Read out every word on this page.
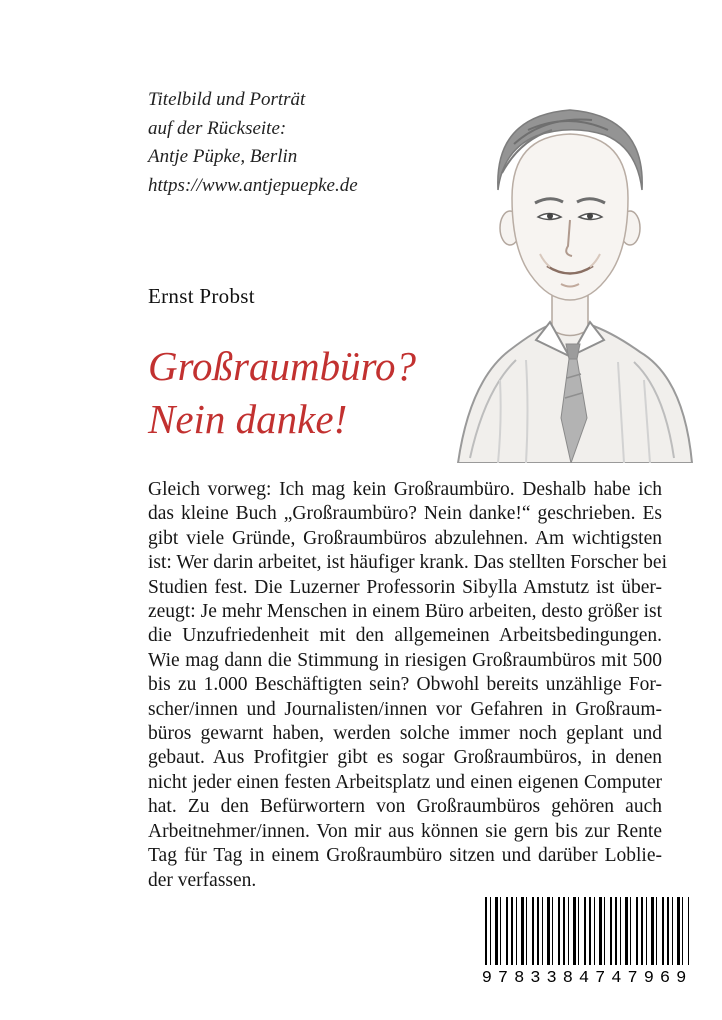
Titelbild und Porträt
auf der Rückseite:
Antje Püpke, Berlin
https://www.antjepuepke.de
Ernst Probst
Großraumbüro?
Nein danke!
Gleich vorweg: Ich mag kein Großraumbüro. Deshalb habe ich
das kleine Buch „Großraumbüro? Nein danke!“ geschrieben. Es
gibt viele Gründe, Großraumbüros abzulehnen. Am wichtigsten
ist: Wer darin arbeitet, ist häufiger krank. Das stellten Forscher bei
Studien fest. Die Luzerner Professorin Sibylla Amstutz ist über-
zeugt: Je mehr Menschen in einem Büro arbeiten, desto größer ist
die Unzufriedenheit mit den allgemeinen Arbeitsbedingungen.
Wie mag dann die Stimmung in riesigen Großraumbüros mit 500
bis zu 1.000 Beschäftigten sein? Obwohl bereits unzählige For-
scher/innen und Journalisten/innen vor Gefahren in Großraum-
büros gewarnt haben, werden solche immer noch geplant und
gebaut. Aus Profitgier gibt es sogar Großraumbüros, in denen
nicht jeder einen festen Arbeitsplatz und einen eigenen Computer
hat. Zu den Befürwortern von Großraumbüros gehören auch
Arbeitnehmer/innen. Von mir aus können sie gern bis zur Rente
Tag für Tag in einem Großraumbüro sitzen und darüber Loblie-
der verfassen.
9783384747969
